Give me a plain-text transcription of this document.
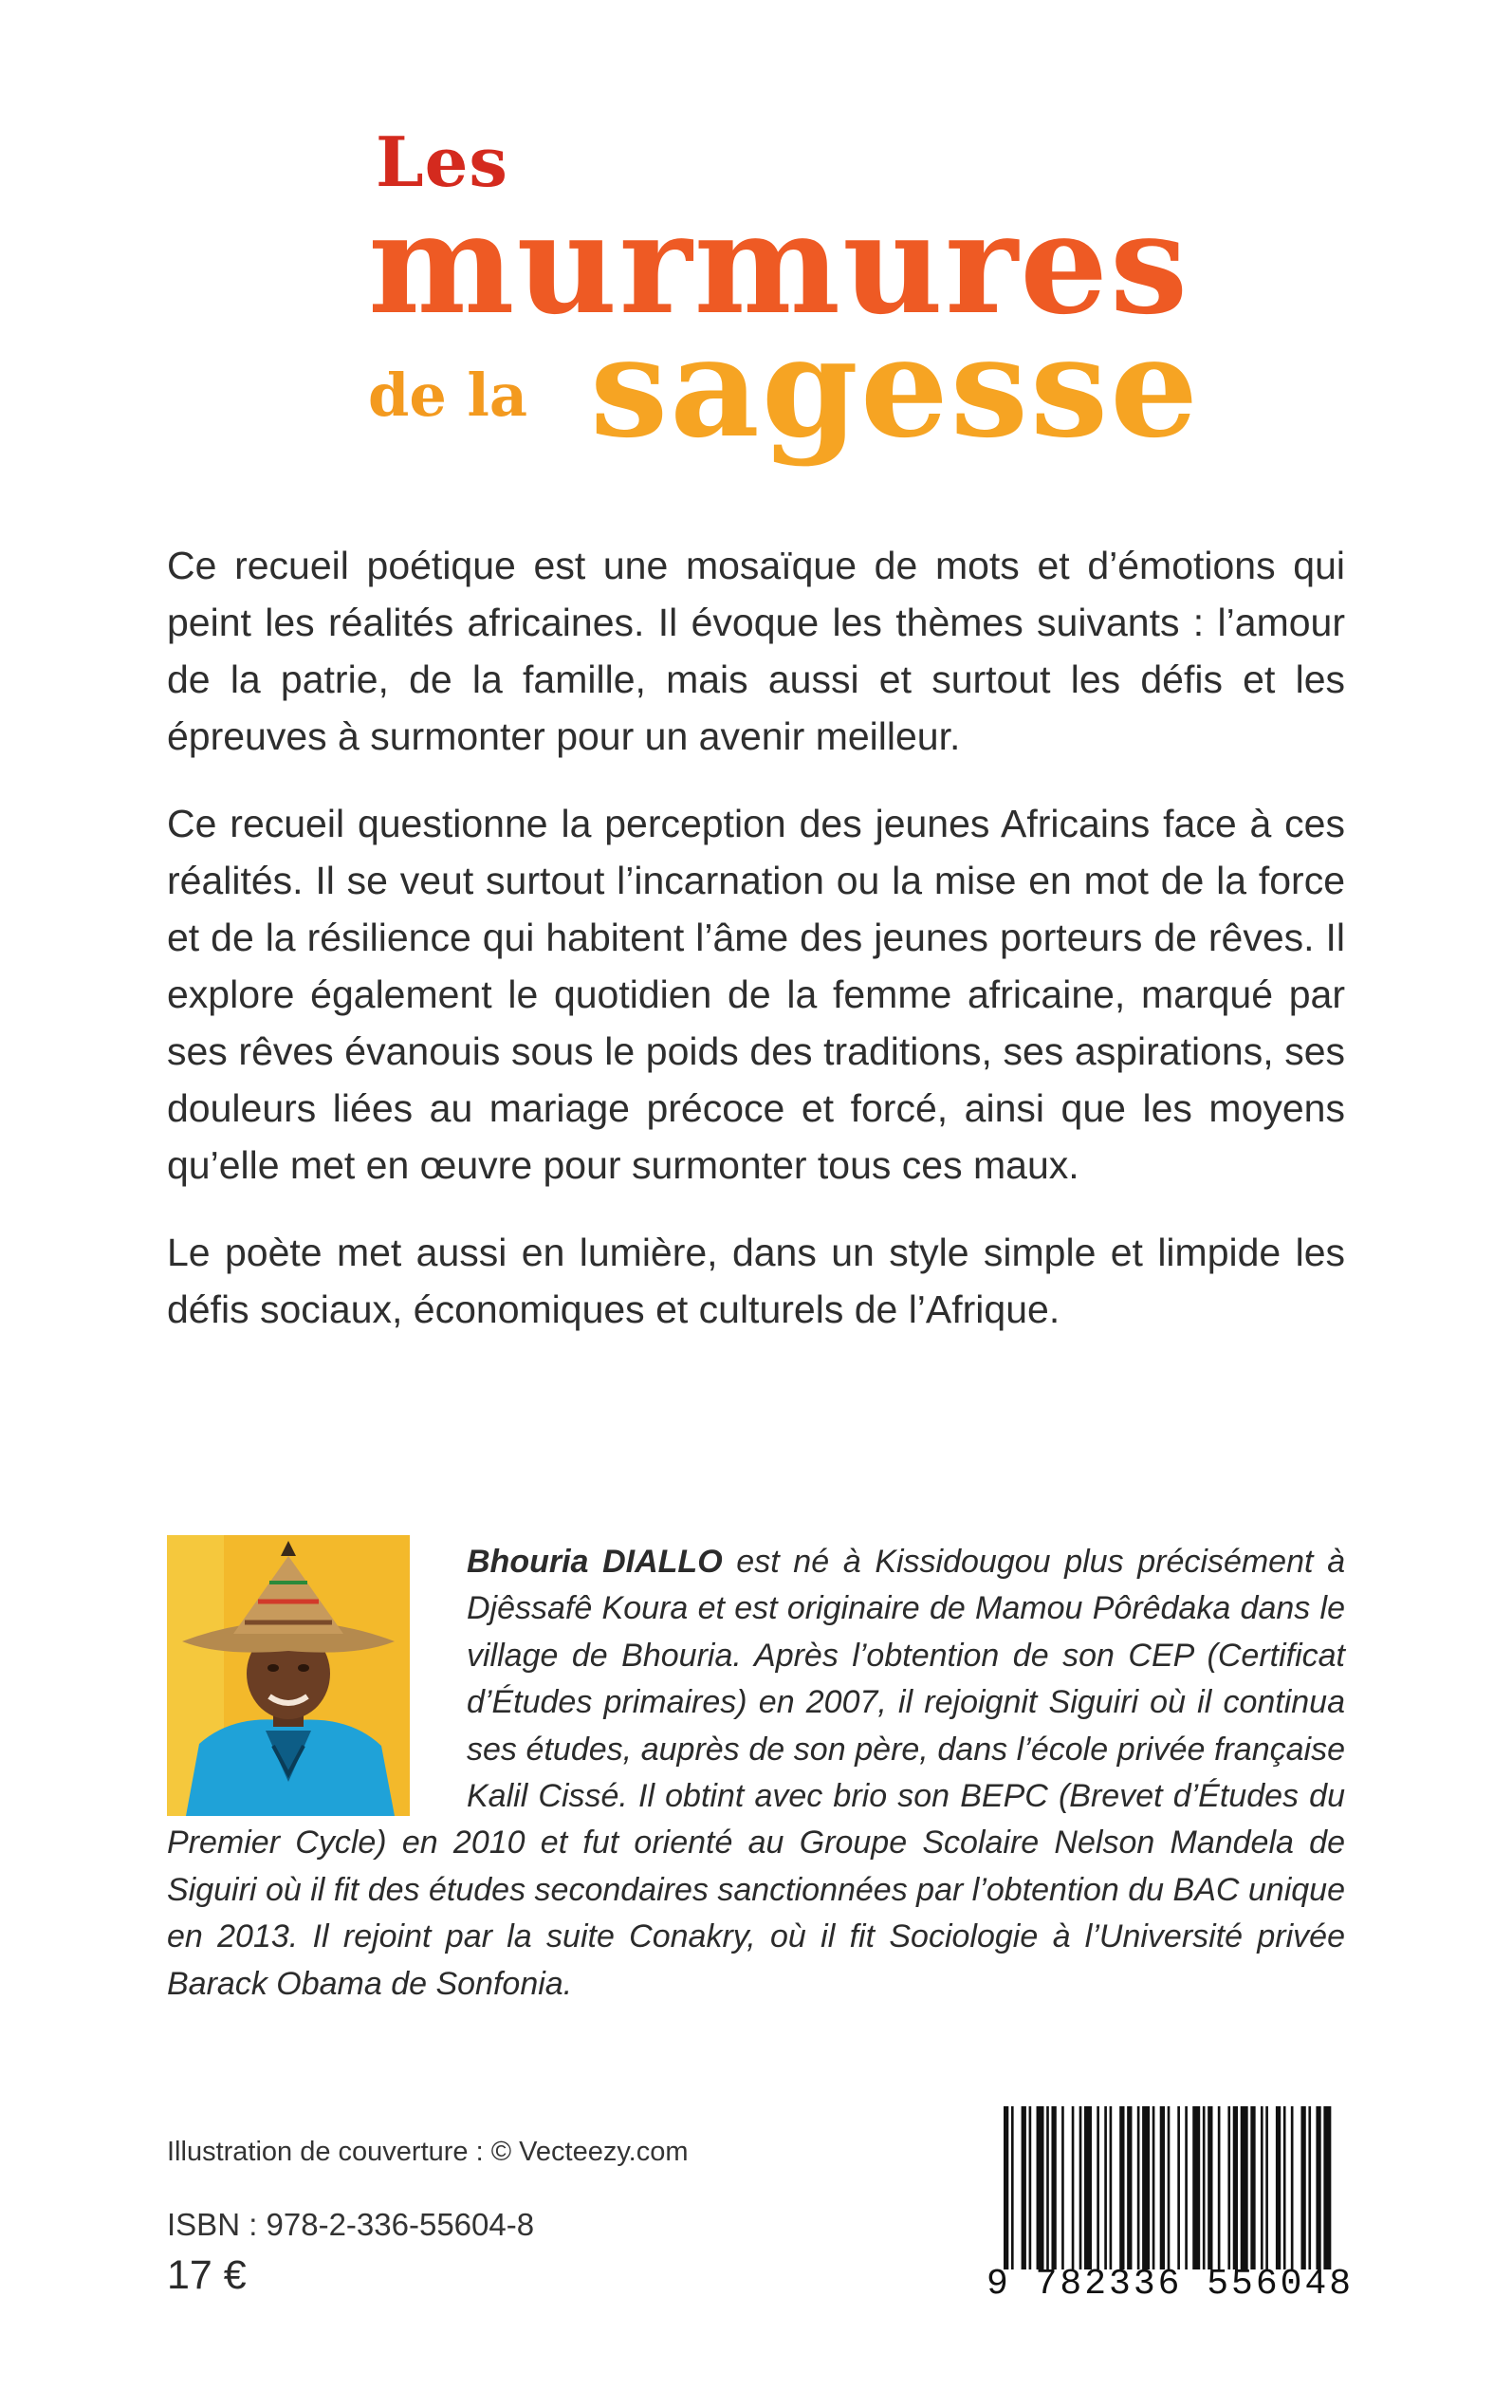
Les
murmures
de la sagesse

Ce recueil poétique est une mosaïque de mots et d’émotions qui peint les réalités africaines. Il évoque les thèmes suivants : l’amour de la patrie, de la famille, mais aussi et surtout les défis et les épreuves à surmonter pour un avenir meilleur.

Ce recueil questionne la perception des jeunes Africains face à ces réalités. Il se veut surtout l’incarnation ou la mise en mot de la force et de la résilience qui habitent l’âme des jeunes porteurs de rêves. Il explore également le quotidien de la femme africaine, marqué par ses rêves évanouis sous le poids des traditions, ses aspirations, ses douleurs liées au mariage précoce et forcé, ainsi que les moyens qu’elle met en œuvre pour surmonter tous ces maux.

Le poète met aussi en lumière, dans un style simple et limpide les défis sociaux, économiques et culturels de l’Afrique.

Bhouria DIALLO est né à Kissidougou plus précisément à Djêssafê Koura et est originaire de Mamou Pôrêdaka dans le village de Bhouria. Après l’obtention de son CEP (Certificat d’Études primaires) en 2007, il rejoignit Siguiri où il continua ses études, auprès de son père, dans l’école privée française Kalil Cissé. Il obtint avec brio son BEPC (Brevet d’Études du Premier Cycle) en 2010 et fut orienté au Groupe Scolaire Nelson Mandela de Siguiri où il fit des études secondaires sanctionnées par l’obtention du BAC unique en 2013. Il rejoint par la suite Conakry, où il fit Sociologie à l’Université privée Barack Obama de Sonfonia.
Illustration de couverture : © Vecteezy.com
ISBN : 978-2-336-55604-8
17 €	9 782336 556048
